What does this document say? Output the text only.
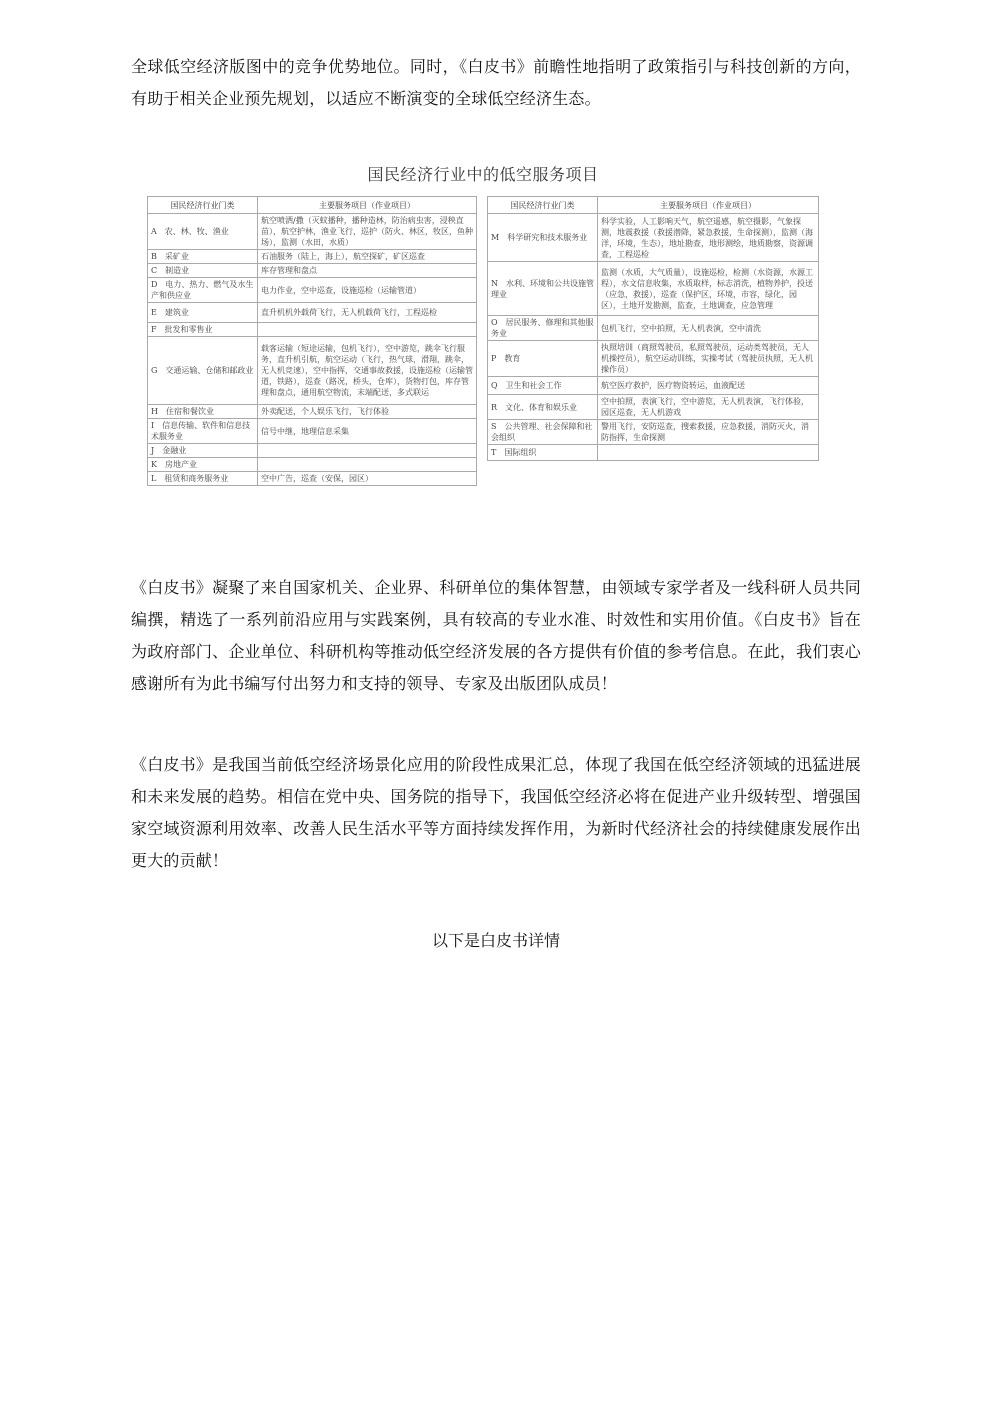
全球低空经济版图中的竞争优势地位。同时，《白皮书》前瞻性地指明了政策指引与科技创新的方向，有助于相关企业预先规划，以适应不断演变的全球低空经济生态。

国民经济行业中的低空服务项目
国民经济行业门类	主要服务项目（作业项目）
A　农、林、牧、渔业	航空喷洒/撒（灭蚊播种，播种造林，防治病虫害，浸秧直苗），航空护林，渔业飞行，巡护（防火、林区，牧区，鱼种场），监测（水田，水质）
B　采矿业	石油服务（陆上，海上），航空探矿，矿区巡查
C　制造业	库存管理和盘点
D　电力、热力、燃气及水生产和供应业	电力作业，空中巡查，设施巡检（运输管道）
E　建筑业	直升机机外载荷飞行，无人机载荷飞行，工程巡检
F　批发和零售业	
G　交通运输、仓储和邮政业	载客运输（短途运输，包机飞行），空中游览，跳伞飞行服务，直升机引航，航空运动（飞行，热气球，滑翔，跳伞，无人机竞速），空中指挥，交通事故救援，设施巡检（运输管道，铁路），巡查（路况，桥头，仓库），货物打包，库存管理和盘点，通用航空物流，末端配送，多式联运
H　住宿和餐饮业	外卖配送，个人娱乐飞行，飞行体验
I　信息传输、软件和信息技术服务业	信号中继，地理信息采集
J　金融业	
K　房地产业	
L　租赁和商务服务业	空中广告，巡查（安保，园区）
国民经济行业门类	主要服务项目（作业项目）
M　科学研究和技术服务业	科学实验，人工影响天气，航空遥感，航空摄影，气象探测，地震救援（救援潜降，紧急救援，生命探测），监测（海洋，环境，生态），地址勘查，地形测绘，地质勘察，资源调查，工程巡检
N　水利、环境和公共设施管理业	监测（水质，大气质量），设施巡检，检测（水资源，水源工程），水文信息收集，水质取样，标志消洗，植物养护，投送（应急，救援），巡查（保护区，环境，市容，绿化，园区），土地开发勘测，监查，土地调查，应急管理
O　居民服务、修理和其他服务业	包机飞行，空中拍照，无人机表演，空中清洗
P　教育	执照培训（商照驾驶员，私照驾驶员，运动类驾驶员，无人机操控员），航空运动训练，实操考试（驾驶员执照，无人机操作员）
Q　卫生和社会工作	航空医疗救护，医疗物资转运，血液配送
R　文化、体育和娱乐业	空中拍照，表演飞行，空中游览，无人机表演，飞行体验，园区巡查，无人机游戏
S　公共管理、社会保障和社会组织	警用飞行，安防巡查，搜索救援，应急救援，消防灭火，消防指挥，生命探测
T　国际组织	

《白皮书》凝聚了来自国家机关、企业界、科研单位的集体智慧，由领域专家学者及一线科研人员共同编撰，精选了一系列前沿应用与实践案例，具有较高的专业水准、时效性和实用价值。《白皮书》旨在为政府部门、企业单位、科研机构等推动低空经济发展的各方提供有价值的参考信息。在此，我们衷心感谢所有为此书编写付出努力和支持的领导、专家及出版团队成员！

《白皮书》是我国当前低空经济场景化应用的阶段性成果汇总，体现了我国在低空经济领域的迅猛进展和未来发展的趋势。相信在党中央、国务院的指导下，我国低空经济必将在促进产业升级转型、增强国家空域资源利用效率、改善人民生活水平等方面持续发挥作用，为新时代经济社会的持续健康发展作出更大的贡献！

以下是白皮书详情
